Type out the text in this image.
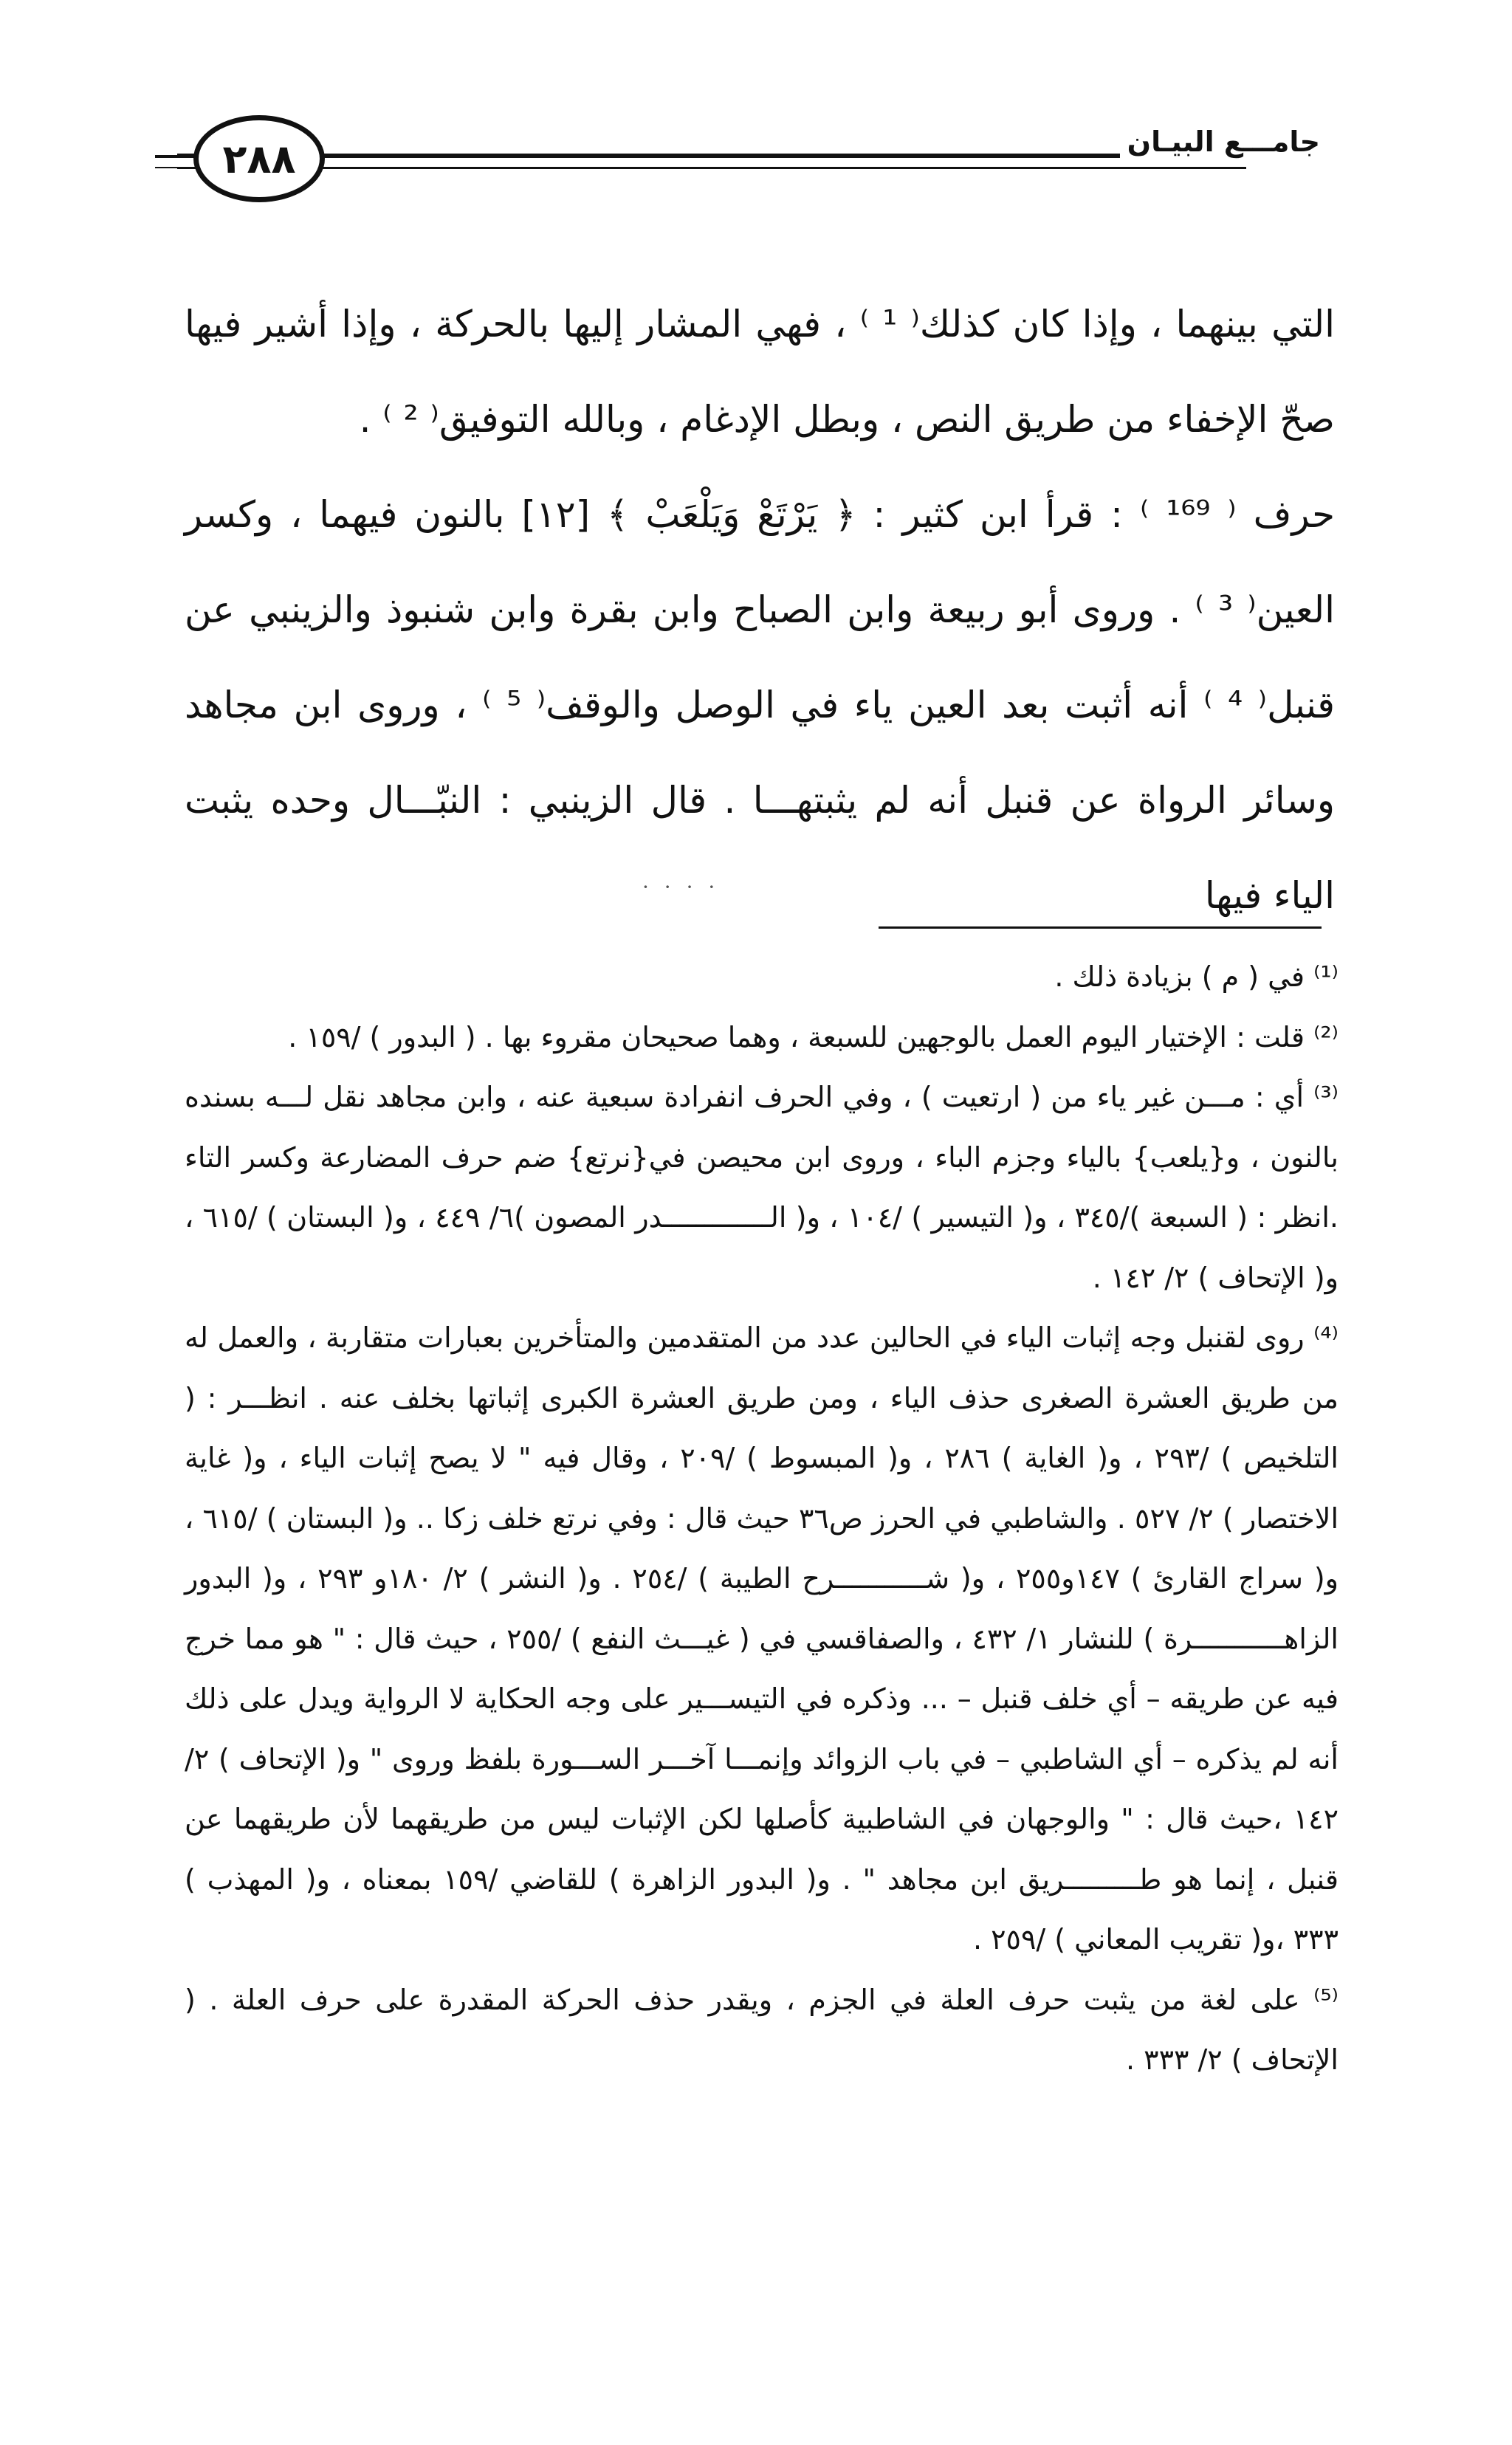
٢٨٨	جامـــع البيـان

التي بينهما ، وإذا كان كذلك⁽ ¹ ⁾ ، فهي المشار إليها بالحركة ، وإذا أشير فيها صحّ الإخفاء من طريق النص ، وبطل الإدغام ، وبالله التوفيق⁽ ² ⁾ .

حرف ⁽ ¹⁶⁹ ⁾ : قرأ ابن كثير : ﴿ يَرْتَعْ وَيَلْعَبْ ﴾ [١٢] بالنون فيهما ، وكسر العين⁽ ³ ⁾ . وروى أبو ربيعة وابن الصباح وابن بقرة وابن شنبوذ والزينبي عن قنبل⁽ ⁴ ⁾ أنه أثبت بعد العين ياء في الوصل والوقف⁽ ⁵ ⁾ ، وروى ابن مجاهد وسائر الرواة عن قنبل أنه لم يثبتهـــا . قال الزينبي : النبّـــال وحده يثبت الياء فيها

· · · ·

⁽¹⁾ في ( م ) بزيادة ذلك .

⁽²⁾ قلت : الإختيار اليوم العمل بالوجهين للسبعة ، وهما صحيحان مقروء بها . ( البدور ) /١٥٩ .

⁽³⁾ أي : مـــن غير ياء من ( ارتعيت ) ، وفي الحرف انفرادة سبعية عنه ، وابن مجاهد نقل لـــه بسنده بالنون ، و{يلعب} بالياء وجزم الباء ، وروى ابن محيصن في{نرتع} ضم حرف المضارعة وكسر التاء .انظر : ( السبعة )/٣٤٥ ، و( التيسير ) /١٠٤ ، و( الـــــــــــــدر المصون )٦/ ٤٤٩ ، و( البستان ) /٦١٥ ، و( الإتحاف ) ٢/ ١٤٢ .

⁽⁴⁾ روى لقنبل وجه إثبات الياء في الحالين عدد من المتقدمين والمتأخرين بعبارات متقاربة ، والعمل له من طريق العشرة الصغرى حذف الياء ، ومن طريق العشرة الكبرى إثباتها بخلف عنه . انظـــر : ( التلخيص ) /٢٩٣ ، و( الغاية ) ٢٨٦ ، و( المبسوط ) /٢٠٩ ، وقال فيه " لا يصح إثبات الياء ، و( غاية الاختصار ) ٢/ ٥٢٧ . والشاطبي في الحرز ص٣٦ حيث قال : وفي نرتع خلف زكا .. و( البستان ) /٦١٥ ، و( سراج القارئ ) ١٤٧و٢٥٥ ، و( شـــــــــــرح الطيبة ) /٢٥٤ . و( النشر ) ٢/ ١٨٠و ٢٩٣ ، و( البدور الزاهـــــــــــرة ) للنشار ١/ ٤٣٢ ، والصفاقسي في ( غيـــث النفع ) /٢٥٥ ، حيث قال : " هو مما خرج فيه عن طريقه – أي خلف قنبل – ... وذكره في التيســـير على وجه الحكاية لا الرواية ويدل على ذلك أنه لم يذكره – أي الشاطبي – في باب الزوائد وإنمـــا آخـــر الســـورة بلفظ وروى " و( الإتحاف ) ٢/ ١٤٢ ،حيث قال : " والوجهان في الشاطبية كأصلها لكن الإثبات ليس من طريقهما لأن طريقهما عن قنبل ، إنما هو طـــــــــريق ابن مجاهد " . و( البدور الزاهرة ) للقاضي /١٥٩ بمعناه ، و( المهذب ) ٣٣٣ ،و( تقريب المعاني ) /٢٥٩ .

⁽⁵⁾ على لغة من يثبت حرف العلة في الجزم ، ويقدر حذف الحركة المقدرة على حرف العلة . ( الإتحاف ) ٢/ ٣٣٣ .
